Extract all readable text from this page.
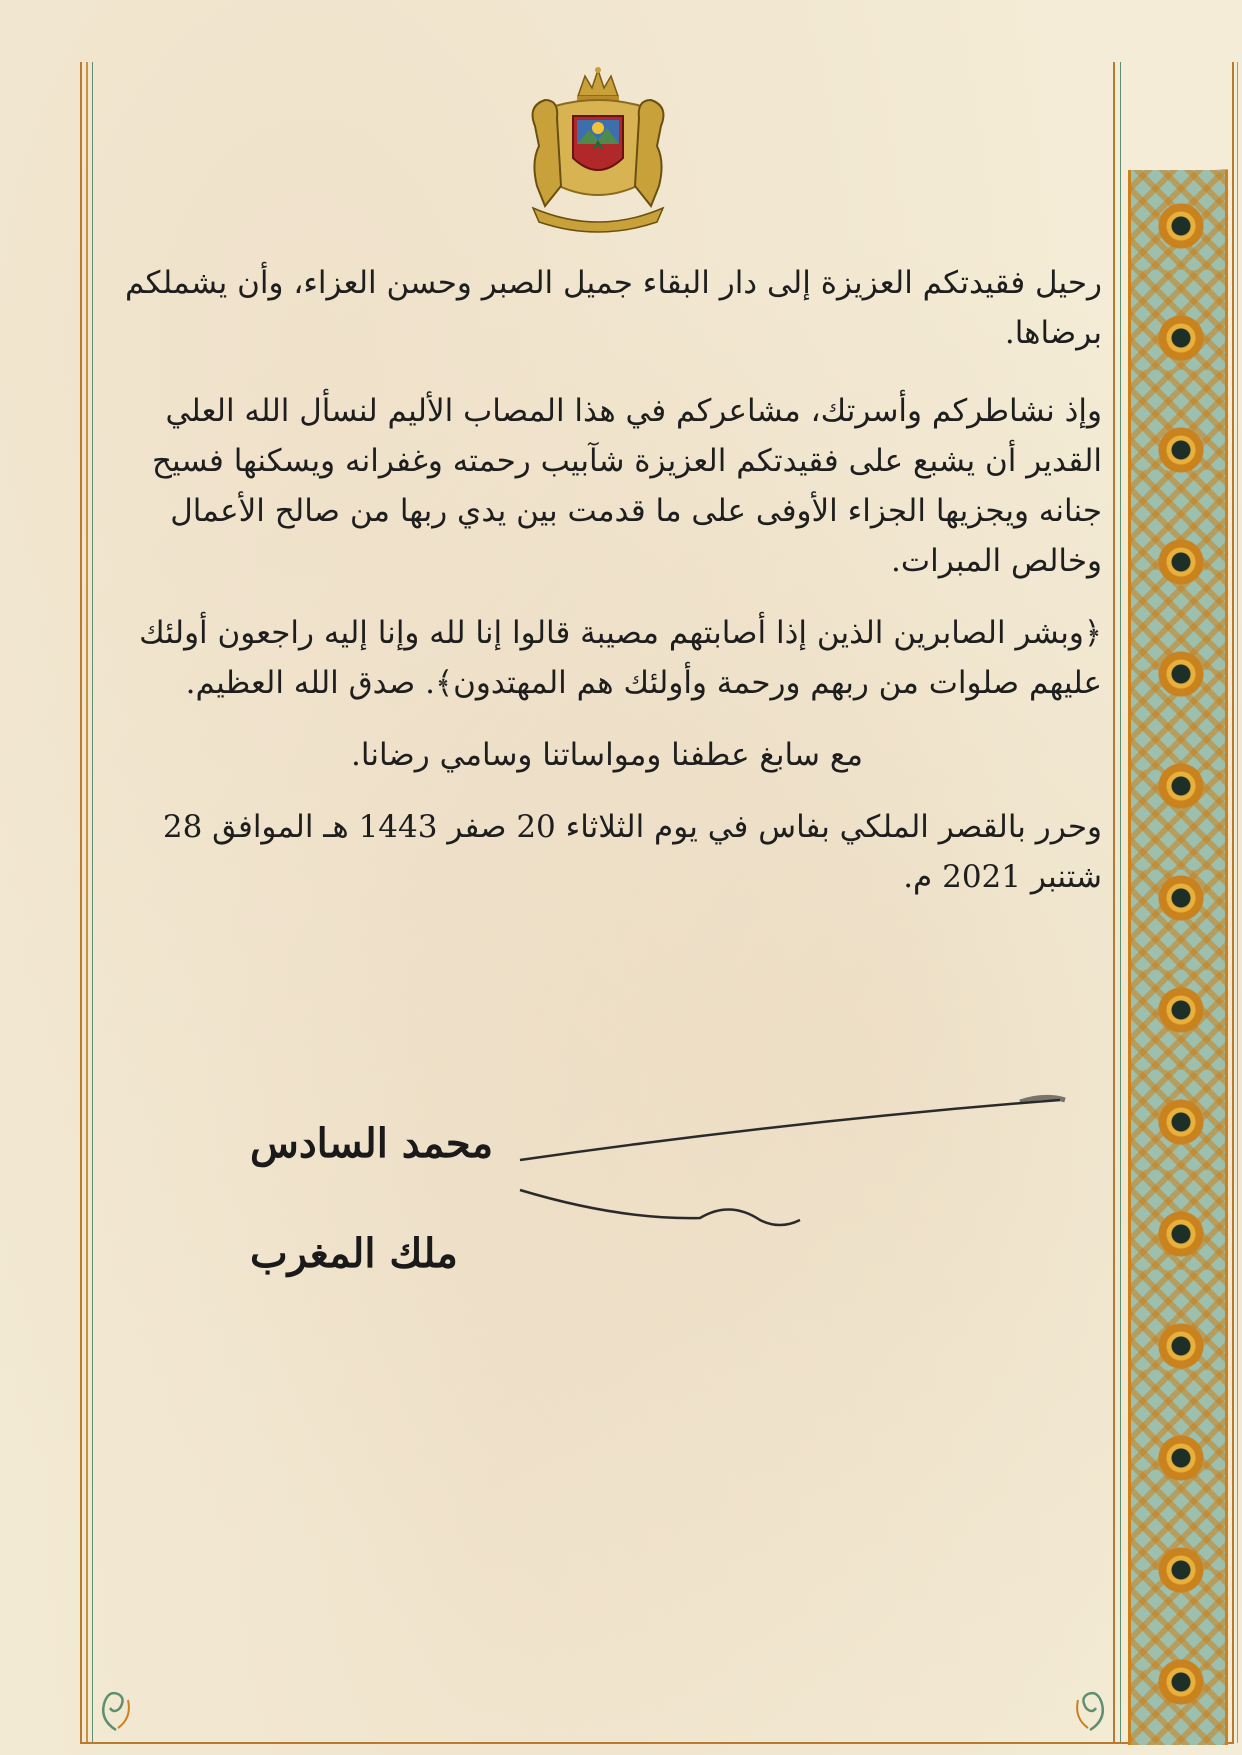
رحيل فقيدتكم العزيزة إلى دار البقاء جميل الصبر وحسن العزاء، وأن يشملكم برضاها.

وإذ نشاطركم وأسرتك، مشاعركم في هذا المصاب الأليم لنسأل الله العلي القدير أن يشبع على فقيدتكم العزيزة شآبيب رحمته وغفرانه ويسكنها فسيح جنانه ويجزيها الجزاء الأوفى على ما قدمت بين يدي ربها من صالح الأعمال وخالص المبرات.

﴿وبشر الصابرين الذين إذا أصابتهم مصيبة قالوا إنا لله وإنا إليه راجعون أولئك عليهم صلوات من ربهم ورحمة وأولئك هم المهتدون﴾. صدق الله العظيم.

مع سابغ عطفنا ومواساتنا وسامي رضانا.

وحرر بالقصر الملكي بفاس في يوم الثلاثاء 20 صفر 1443 هـ الموافق 28 شتنبر 2021 م.

محمد السادس
ملك المغرب
